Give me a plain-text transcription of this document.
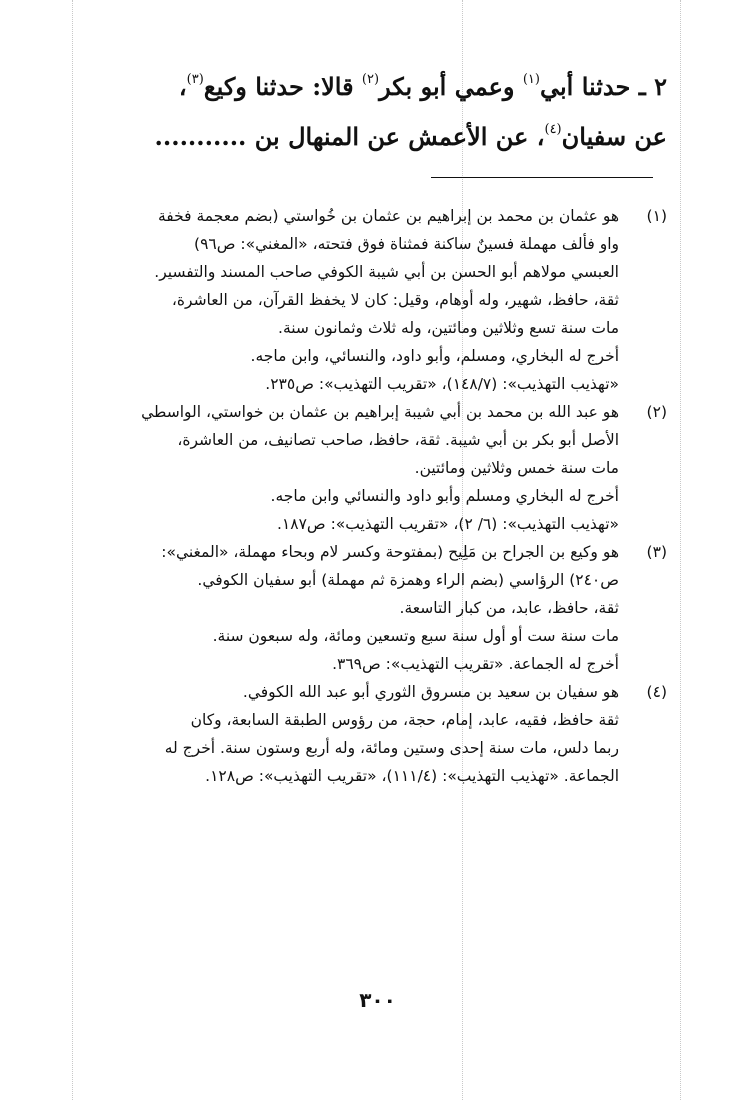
٢ ـ حدثنا أبي$^{(١)}$ وعمي أبو بكر$^{(٢)}$ قالا: حدثنا وكيع$^{(٣)}$،
عن سفيان$^{(٤)}$، عن الأعمش عن المنهال بن ...........
(١)
هو عثمان بن محمد بن إبراهيم بن عثمان بن خُواستي (بضم معجمة فخفة
واو فألف مهملة فسينٌ ساكنة فمثناة فوق فتحته، «المغني»: ص٩٦)
العبسي مولاهم أبو الحسن بن أبي شيبة الكوفي صاحب المسند والتفسير.
ثقة، حافظ، شهير، وله أوهام، وقيل: كان لا يخفظ القرآن، من العاشرة،
مات سنة تسع وثلاثين ومائتين، وله ثلاث وثمانون سنة.
أخرج له البخاري، ومسلم، وأبو داود، والنسائي، وابن ماجه.
«تهذيب التهذيب»: (١٤٨/٧)، «تقريب التهذيب»: ص٢٣٥.
(٢)
هو عبد الله بن محمد بن أبي شيبة إبراهيم بن عثمان بن خواستي، الواسطي
الأصل أبو بكر بن أبي شيبة. ثقة، حافظ، صاحب تصانيف، من العاشرة،
مات سنة خمس وثلاثين ومائتين.
أخرج له البخاري ومسلم وأبو داود والنسائي وابن ماجه.
«تهذيب التهذيب»: (٦/ ٢)، «تقريب التهذيب»: ص١٨٧.
(٣)
هو وكيع بن الجراح بن مَلِيح (بمفتوحة وكسر لام وبحاء مهملة، «المغني»:
ص٢٤٠) الرؤاسي (بضم الراء وهمزة ثم مهملة) أبو سفيان الكوفي.
ثقة، حافظ، عابد، من كبار التاسعة.
مات سنة ست أو أول سنة سبع وتسعين ومائة، وله سبعون سنة.
أخرج له الجماعة. «تقريب التهذيب»: ص٣٦٩.
(٤)
هو سفيان بن سعيد بن مسروق الثوري أبو عبد الله الكوفي.
ثقة حافظ، فقيه، عابد، إمام، حجة، من رؤوس الطبقة السابعة، وكان
ربما دلس، مات سنة إحدى وستين ومائة، وله أربع وستون سنة. أخرج له
الجماعة. «تهذيب التهذيب»: (١١١/٤)، «تقريب التهذيب»: ص١٢٨.
٣٠٠
